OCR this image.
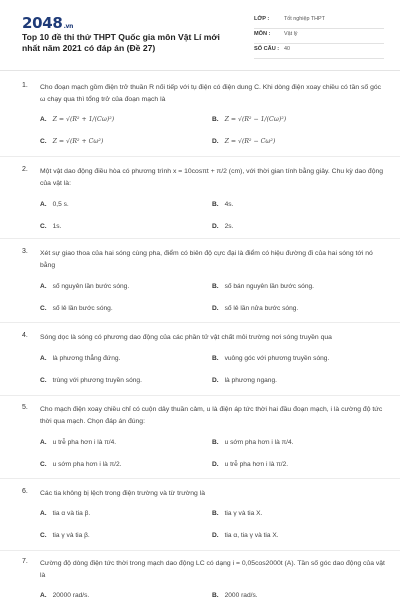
2048.vn
Top 10 đề thi thử THPT Quốc gia môn Vật Lí mới nhất năm 2021 có đáp án (Đề 27)
LỚP :	Tốt nghiệp THPT
MÔN :	Vật lý
SỐ CÂU : 40
1. Cho đoạn mạch gồm điện trở thuần R nối tiếp với tụ điện có điện dung C. Khi dòng điện xoay chiều có tần số góc ω chạy qua thì tổng trở của đoạn mạch là
A. Z = √(R² + 1/(Cω)²)	B. Z = √(R² − 1/(Cω)²)
C. Z = √(R² + Cω²)	D. Z = √(R² − Cω²)
2. Một vật dao động điều hòa có phương trình x = 10cosπt + π/2 (cm), với thời gian tính bằng giây. Chu kỳ dao động của vật là:
A. 0,5 s.	B. 4s.
C. 1s.	D. 2s.
3. Xét sự giao thoa của hai sóng cùng pha, điểm có biên độ cực đại là điểm có hiệu đường đi của hai sóng tới nó bằng
A. số nguyên lần bước sóng.	B. số bán nguyên lần bước sóng.
C. số lẻ lần bước sóng.	D. số lẻ lần nửa bước sóng.
4. Sóng dọc là sóng có phương dao động của các phần tử vật chất môi trường nơi sóng truyền qua
A. là phương thẳng đứng.	B. vuông góc với phương truyền sóng.
C. trùng với phương truyền sóng.	D. là phương ngang.
5. Cho mạch điện xoay chiều chỉ có cuộn dây thuần cảm, u là điện áp tức thời hai đầu đoạn mạch, i là cường độ tức thời qua mạch. Chọn đáp án đúng:
A. u trễ pha hơn i là π/4.	B. u sớm pha hơn i là π/4.
C. u sớm pha hơn i là π/2.	D. u trễ pha hơn i là π/2.
6. Các tia không bị lệch trong điện trường và từ trường là
A. tia α và tia β.	B. tia γ và tia X.
C. tia γ và tia β.	D. tia α, tia γ và tia X.
7. Cường độ dòng điện tức thời trong mạch dao động LC có dạng i = 0,05cos2000t (A). Tần số góc dao động của vật là
A. 20000 rad/s.	B. 2000 rad/s.
